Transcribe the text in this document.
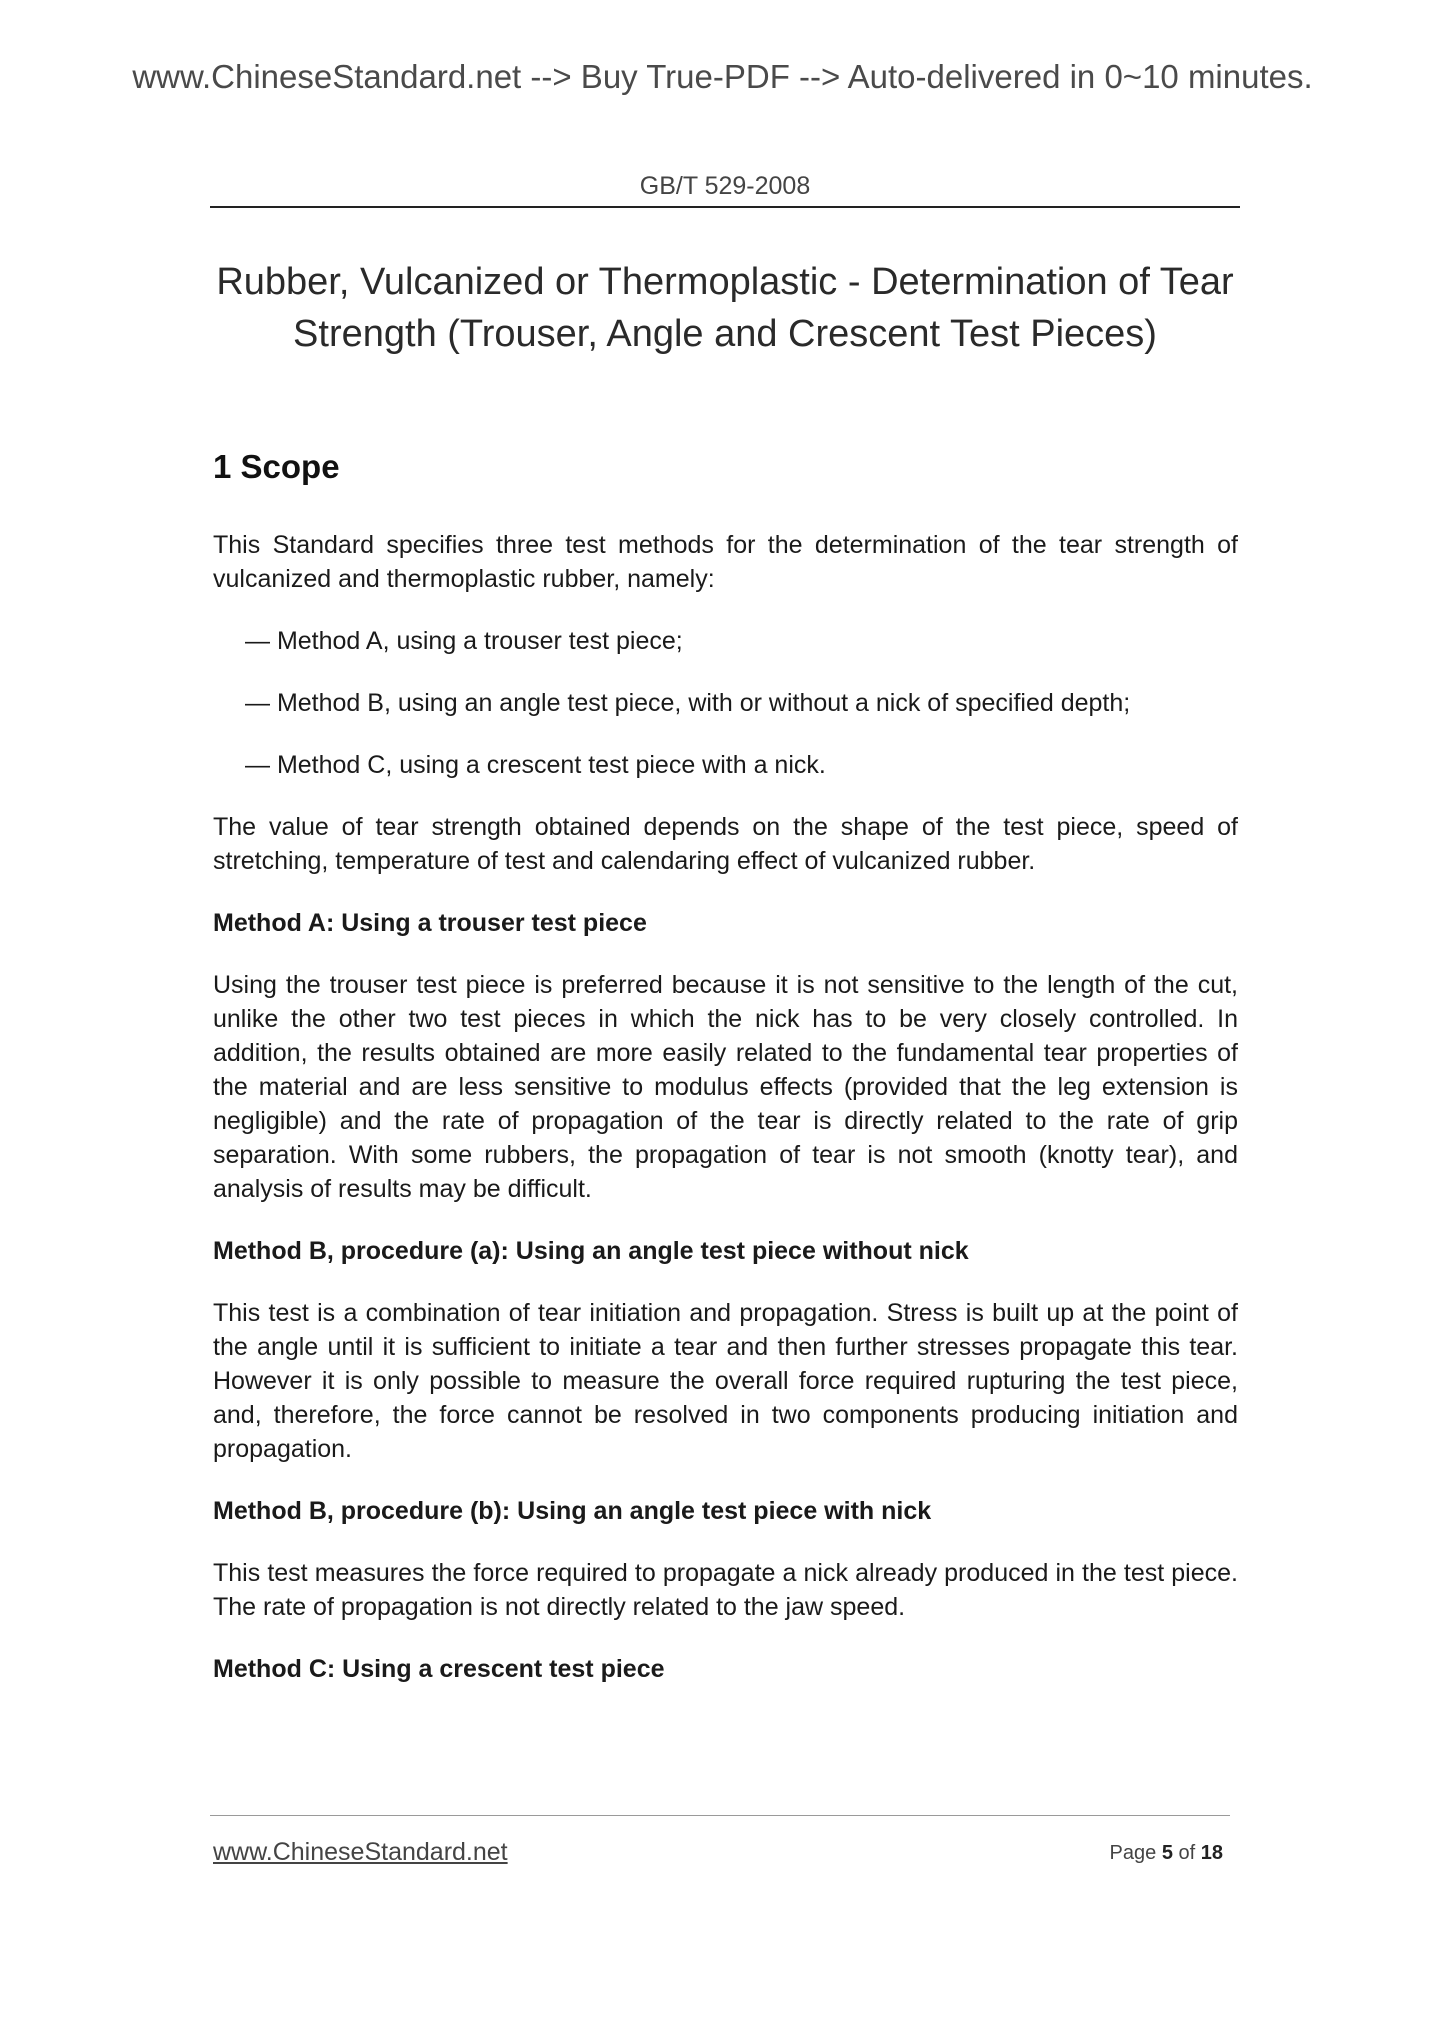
www.ChineseStandard.net --> Buy True-PDF --> Auto-delivered in 0~10 minutes.
GB/T 529-2008
Rubber, Vulcanized or Thermoplastic - Determination of Tear
Strength (Trouser, Angle and Crescent Test Pieces)
1 Scope

This Standard specifies three test methods for the determination of the tear strength of vulcanized and thermoplastic rubber, namely:

— Method A, using a trouser test piece;
— Method B, using an angle test piece, with or without a nick of specified depth;
— Method C, using a crescent test piece with a nick.

The value of tear strength obtained depends on the shape of the test piece, speed of stretching, temperature of test and calendaring effect of vulcanized rubber.

Method A: Using a trouser test piece

Using the trouser test piece is preferred because it is not sensitive to the length of the cut, unlike the other two test pieces in which the nick has to be very closely controlled. In addition, the results obtained are more easily related to the fundamental tear properties of the material and are less sensitive to modulus effects (provided that the leg extension is negligible) and the rate of propagation of the tear is directly related to the rate of grip separation. With some rubbers, the propagation of tear is not smooth (knotty tear), and analysis of results may be difficult.

Method B, procedure (a): Using an angle test piece without nick

This test is a combination of tear initiation and propagation. Stress is built up at the point of the angle until it is sufficient to initiate a tear and then further stresses propagate this tear. However it is only possible to measure the overall force required rupturing the test piece, and, therefore, the force cannot be resolved in two components producing initiation and propagation.

Method B, procedure (b): Using an angle test piece with nick

This test measures the force required to propagate a nick already produced in the test piece. The rate of propagation is not directly related to the jaw speed.

Method C: Using a crescent test piece
www.ChineseStandard.net	Page 5 of 18
